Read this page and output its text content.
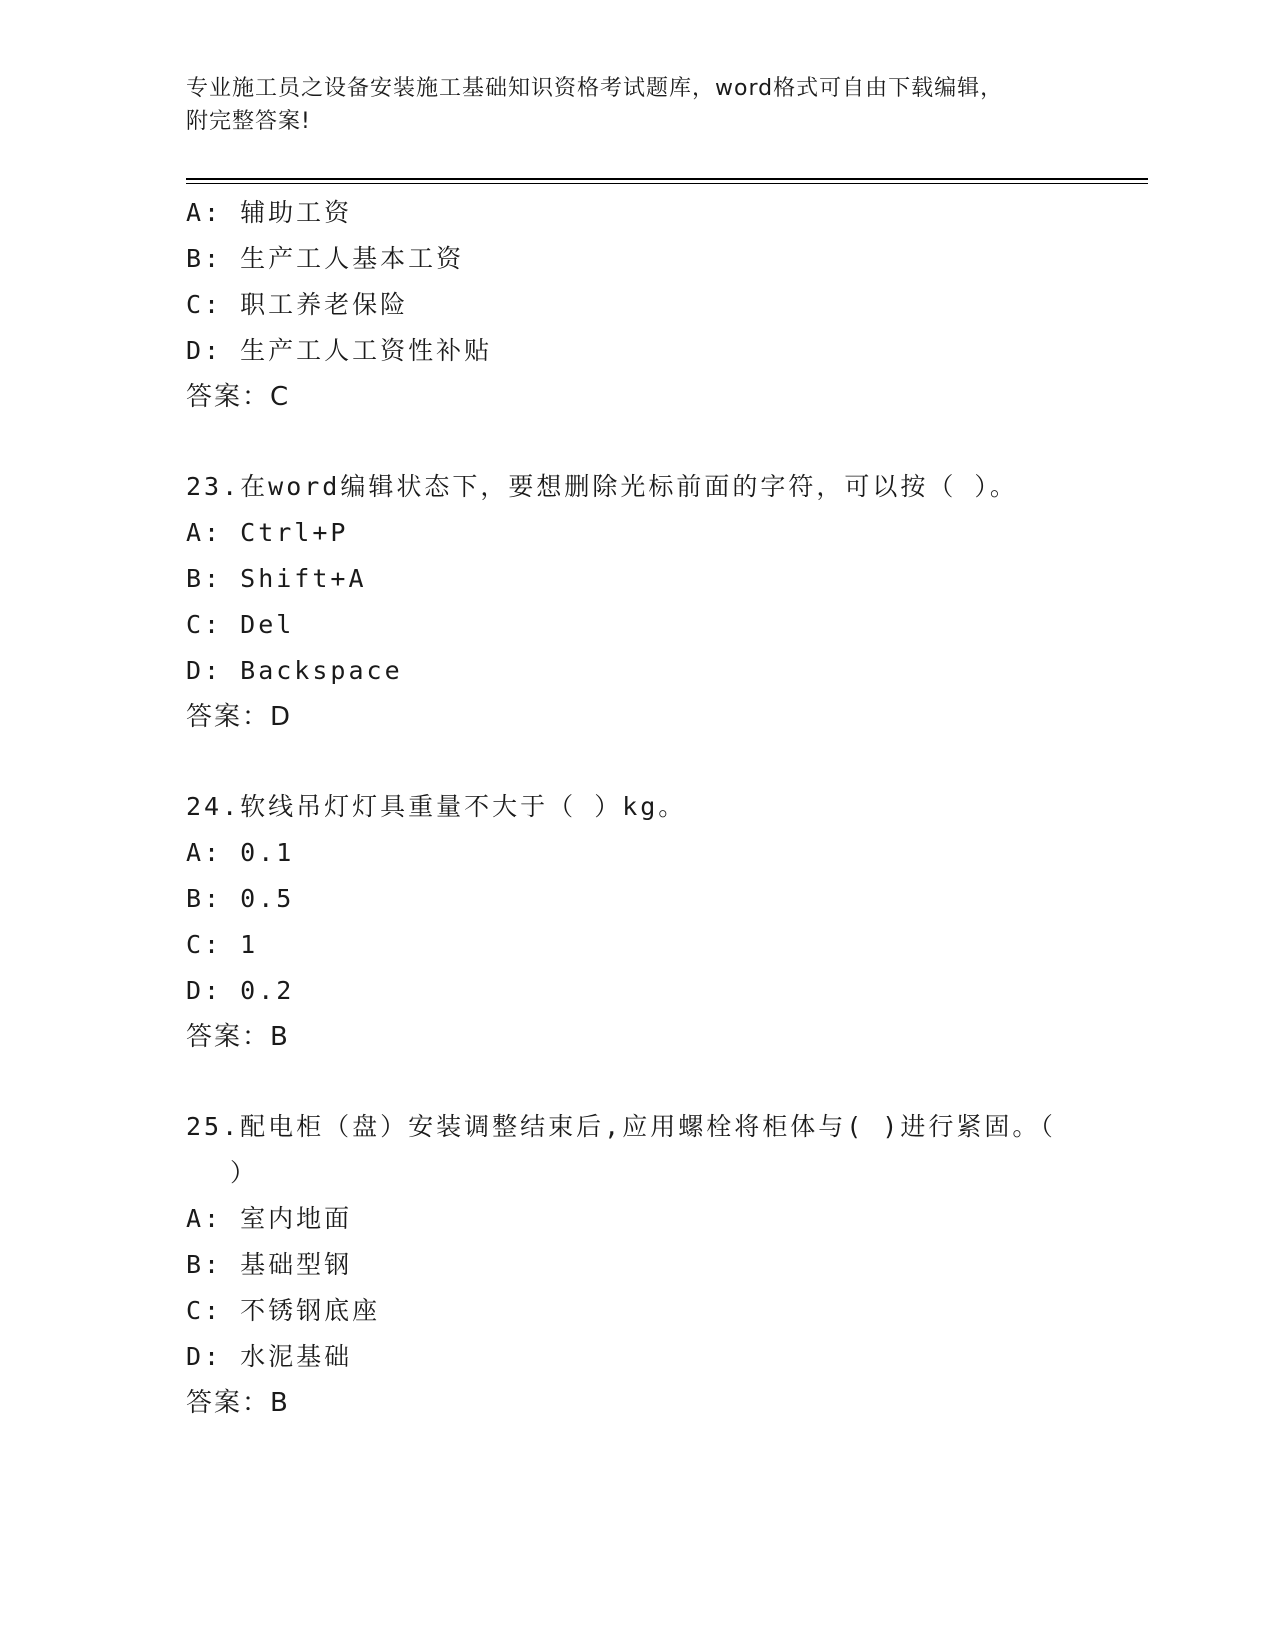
专业施工员之设备安装施工基础知识资格考试题库，word格式可自由下载编辑，
附完整答案!
A: 辅助工资
B: 生产工人基本工资
C: 职工养老保险
D: 生产工人工资性补贴
答案：C
23.在word编辑状态下，要想删除光标前面的字符，可以按（ ）。
A: Ctrl+P
B: Shift+A
C: Del
D: Backspace
答案：D
24.软线吊灯灯具重量不大于（ ）kg。
A: 0.1
B: 0.5
C: 1
D: 0.2
答案：B
25.配电柜（盘）安装调整结束后,应用螺栓将柜体与( )进行紧固。（
）
A: 室内地面
B: 基础型钢
C: 不锈钢底座
D: 水泥基础
答案：B
